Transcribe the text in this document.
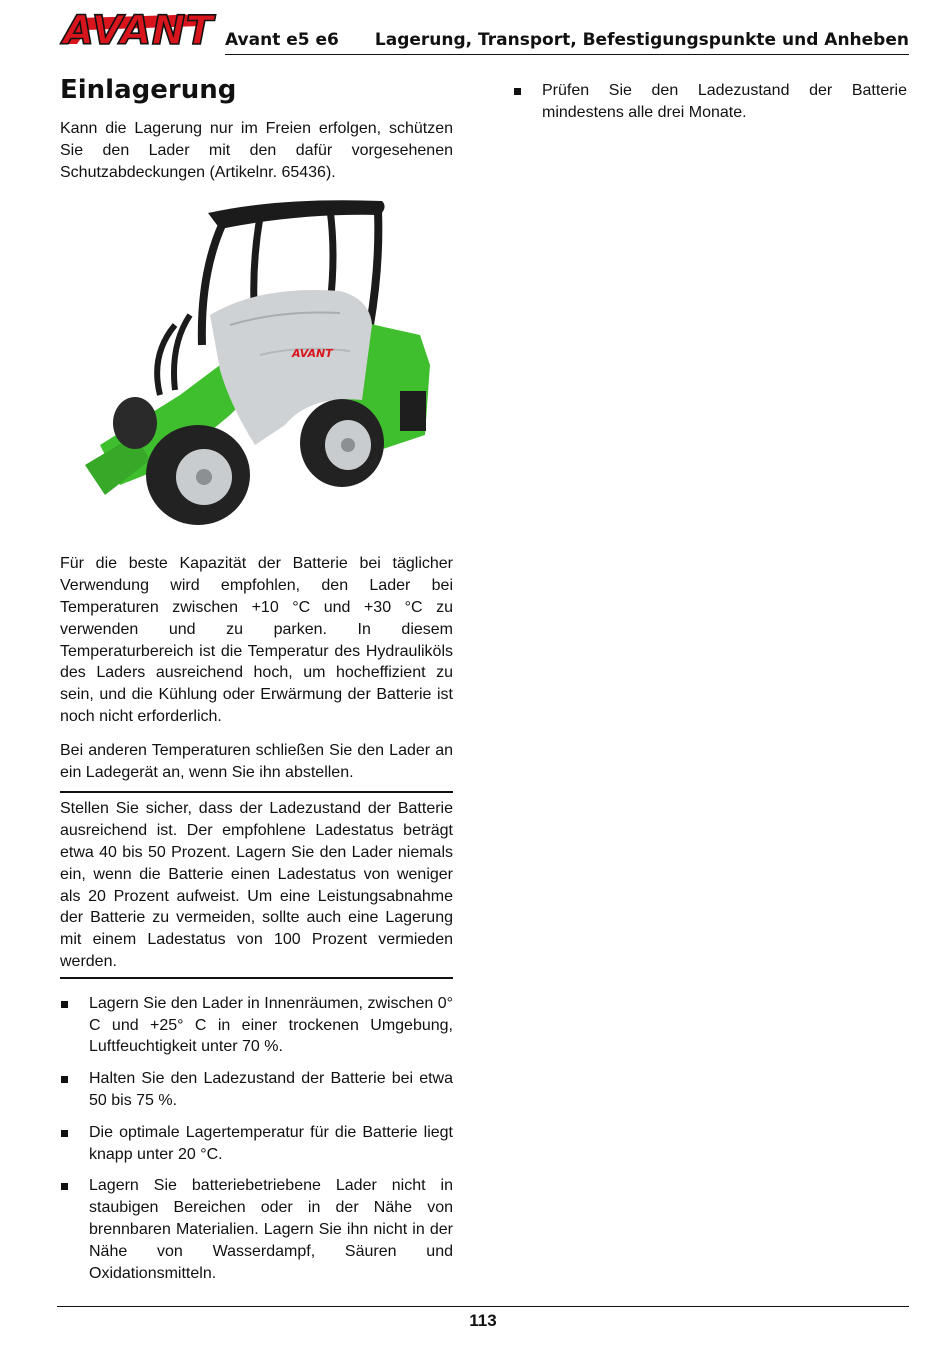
AVANT Avant e5 e6 Lagerung, Transport, Befestigungspunkte und Anheben
Einlagerung

Kann die Lagerung nur im Freien erfolgen, schützen Sie den Lader mit den dafür vorgesehenen Schutzabdeckungen (Artikelnr. 65436).

AVANT

Für die beste Kapazität der Batterie bei täglicher Verwendung wird empfohlen, den Lader bei Temperaturen zwischen +10 °C und +30 °C zu verwenden und zu parken. In diesem Temperaturbereich ist die Temperatur des Hydrauliköls des Laders ausreichend hoch, um hocheffizient zu sein, und die Kühlung oder Erwärmung der Batterie ist noch nicht erforderlich.

Bei anderen Temperaturen schließen Sie den Lader an ein Ladegerät an, wenn Sie ihn abstellen.

Stellen Sie sicher, dass der Ladezustand der Batterie ausreichend ist. Der empfohlene Ladestatus beträgt etwa 40 bis 50 Prozent. Lagern Sie den Lader niemals ein, wenn die Batterie einen Ladestatus von weniger als 20 Prozent aufweist. Um eine Leistungsabnahme der Batterie zu vermeiden, sollte auch eine Lagerung mit einem Ladestatus von 100 Prozent vermieden werden.

Lagern Sie den Lader in Innenräumen, zwischen 0° C und +25° C in einer trockenen Umgebung, Luftfeuchtigkeit unter 70 %.
Halten Sie den Ladezustand der Batterie bei etwa 50 bis 75 %.
Die optimale Lagertemperatur für die Batterie liegt knapp unter 20 °C.
Lagern Sie batteriebetriebene Lader nicht in staubigen Bereichen oder in der Nähe von brennbaren Materialien. Lagern Sie ihn nicht in der Nähe von Wasserdampf, Säuren und Oxidationsmitteln.
Prüfen Sie den Ladezustand der Batterie mindestens alle drei Monate.
113
